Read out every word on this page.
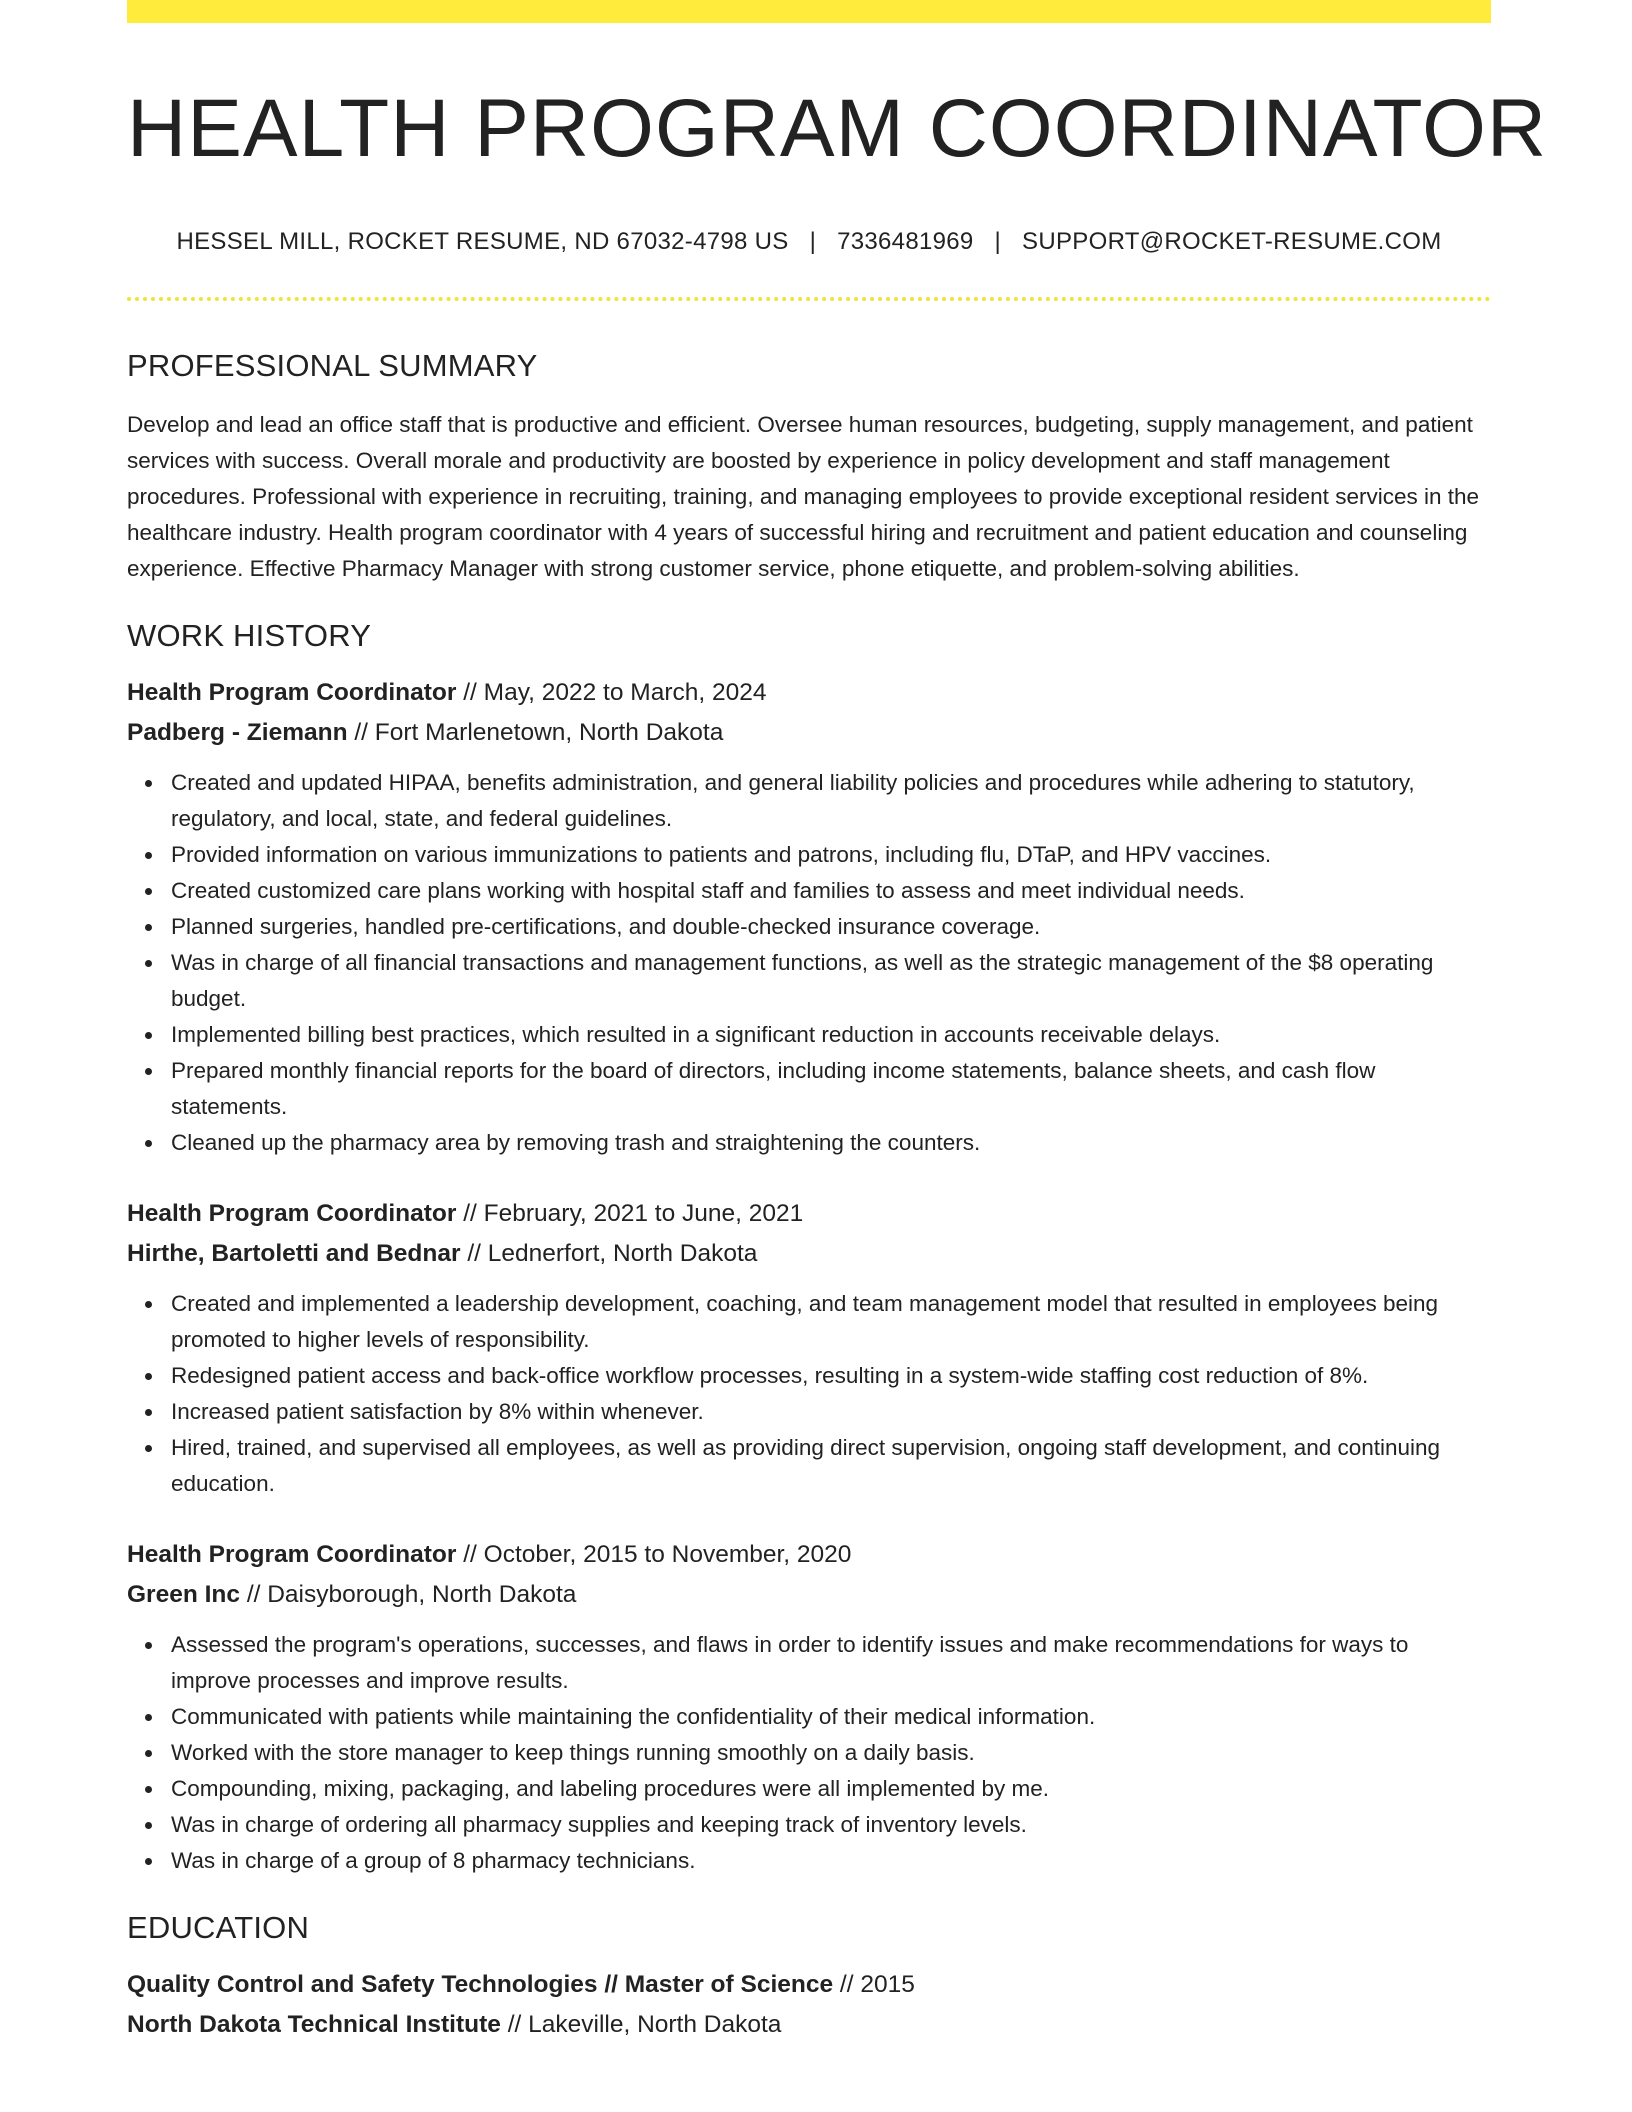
HEALTH PROGRAM COORDINATOR
HESSEL MILL, ROCKET RESUME, ND 67032-4798 US | 7336481969 | SUPPORT@ROCKET-RESUME.COM
PROFESSIONAL SUMMARY

Develop and lead an office staff that is productive and efficient. Oversee human resources, budgeting, supply management, and patient services with success. Overall morale and productivity are boosted by experience in policy development and staff management procedures. Professional with experience in recruiting, training, and managing employees to provide exceptional resident services in the healthcare industry. Health program coordinator with 4 years of successful hiring and recruitment and patient education and counseling experience. Effective Pharmacy Manager with strong customer service, phone etiquette, and problem-solving abilities.

WORK HISTORY
Health Program Coordinator // May, 2022 to March, 2024
Padberg - Ziemann // Fort Marlenetown, North Dakota
Created and updated HIPAA, benefits administration, and general liability policies and procedures while adhering to statutory, regulatory, and local, state, and federal guidelines.
Provided information on various immunizations to patients and patrons, including flu, DTaP, and HPV vaccines.
Created customized care plans working with hospital staff and families to assess and meet individual needs.
Planned surgeries, handled pre-certifications, and double-checked insurance coverage.
Was in charge of all financial transactions and management functions, as well as the strategic management of the $8 operating budget.
Implemented billing best practices, which resulted in a significant reduction in accounts receivable delays.
Prepared monthly financial reports for the board of directors, including income statements, balance sheets, and cash flow statements.
Cleaned up the pharmacy area by removing trash and straightening the counters.
Health Program Coordinator // February, 2021 to June, 2021
Hirthe, Bartoletti and Bednar // Lednerfort, North Dakota
Created and implemented a leadership development, coaching, and team management model that resulted in employees being promoted to higher levels of responsibility.
Redesigned patient access and back-office workflow processes, resulting in a system-wide staffing cost reduction of 8%.
Increased patient satisfaction by 8% within whenever.
Hired, trained, and supervised all employees, as well as providing direct supervision, ongoing staff development, and continuing education.
Health Program Coordinator // October, 2015 to November, 2020
Green Inc // Daisyborough, North Dakota
Assessed the program's operations, successes, and flaws in order to identify issues and make recommendations for ways to improve processes and improve results.
Communicated with patients while maintaining the confidentiality of their medical information.
Worked with the store manager to keep things running smoothly on a daily basis.
Compounding, mixing, packaging, and labeling procedures were all implemented by me.
Was in charge of ordering all pharmacy supplies and keeping track of inventory levels.
Was in charge of a group of 8 pharmacy technicians.
EDUCATION
Quality Control and Safety Technologies // Master of Science // 2015
North Dakota Technical Institute // Lakeville, North Dakota
